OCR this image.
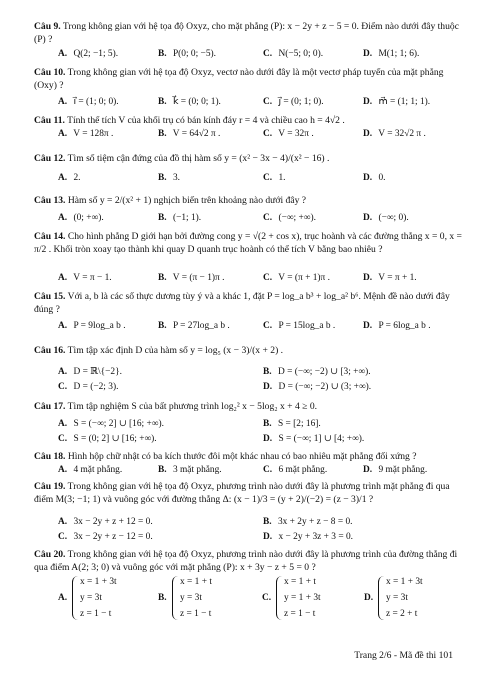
Câu 9. Trong không gian với hệ tọa độ Oxyz, cho mặt phẳng (P): x − 2y + z − 5 = 0. Điểm nào dưới đây thuộc (P) ?
A. Q(2; −1; 5).	B. P(0; 0; −5).	C. N(−5; 0; 0).	D. M(1; 1; 6).
Câu 10. Trong không gian với hệ tọa độ Oxyz, vectơ nào dưới đây là một vectơ pháp tuyến của mặt phẳng (Oxy) ?
A. i⃗ = (1; 0; 0).	B. k⃗ = (0; 0; 1).	C. j⃗ = (0; 1; 0).	D. m⃗ = (1; 1; 1).
Câu 11. Tính thể tích V của khối trụ có bán kính đáy r = 4 và chiều cao h = 4√2 .
A. V = 128π .	B. V = 64√2 π .	C. V = 32π .	D. V = 32√2 π .
Câu 12. Tìm số tiệm cận đứng của đồ thị hàm số y = (x² − 3x − 4)/(x² − 16) .
A. 2.	B. 3.	C. 1.	D. 0.
Câu 13. Hàm số y = 2/(x² + 1) nghịch biến trên khoảng nào dưới đây ?
A. (0; +∞).	B. (−1; 1).	C. (−∞; +∞).	D. (−∞; 0).
Câu 14. Cho hình phẳng D giới hạn bởi đường cong y = √(2 + cos x), trục hoành và các đường thẳng x = 0, x = π/2 . Khối tròn xoay tạo thành khi quay D quanh trục hoành có thể tích V bằng bao nhiêu ?
A. V = π − 1.	B. V = (π − 1)π .	C. V = (π + 1)π .	D. V = π + 1.
Câu 15. Với a, b là các số thực dương tùy ý và a khác 1, đặt P = log_a b³ + log_a² b⁶. Mệnh đề nào dưới đây đúng ?
A. P = 9log_a b .	B. P = 27log_a b .	C. P = 15log_a b .	D. P = 6log_a b .
Câu 16. Tìm tập xác định D của hàm số y = log₅ (x − 3)/(x + 2) .
A. D = ℝ\{−2}.	B. D = (−∞; −2) ∪ [3; +∞).
C. D = (−2; 3).	D. D = (−∞; −2) ∪ (3; +∞).
Câu 17. Tìm tập nghiệm S của bất phương trình log₂² x − 5log₂ x + 4 ≥ 0.
A. S = (−∞; 2] ∪ [16; +∞).	B. S = [2; 16].
C. S = (0; 2] ∪ [16; +∞).	D. S = (−∞; 1] ∪ [4; +∞).
Câu 18. Hình hộp chữ nhật có ba kích thước đôi một khác nhau có bao nhiêu mặt phẳng đối xứng ?
A. 4 mặt phẳng.	B. 3 mặt phẳng.	C. 6 mặt phẳng.	D. 9 mặt phẳng.
Câu 19. Trong không gian với hệ tọa độ Oxyz, phương trình nào dưới đây là phương trình mặt phẳng đi qua điểm M(3; −1; 1) và vuông góc với đường thẳng Δ: (x − 1)/3 = (y + 2)/(−2) = (z − 3)/1 ?
A. 3x − 2y + z + 12 = 0.	B. 3x + 2y + z − 8 = 0.
C. 3x − 2y + z − 12 = 0.	D. x − 2y + 3z + 3 = 0.
Câu 20. Trong không gian với hệ tọa độ Oxyz, phương trình nào dưới đây là phương trình của đường thẳng đi qua điểm A(2; 3; 0) và vuông góc với mặt phẳng (P): x + 3y − z + 5 = 0 ?
A.
x = 1 + 3t
y = 3t
z = 1 − t
B.
x = 1 + t
y = 3t
z = 1 − t
C.
x = 1 + t
y = 1 + 3t
z = 1 − t
D.
x = 1 + 3t
y = 3t
z = 2 + t
Trang 2/6 - Mã đề thi 101
